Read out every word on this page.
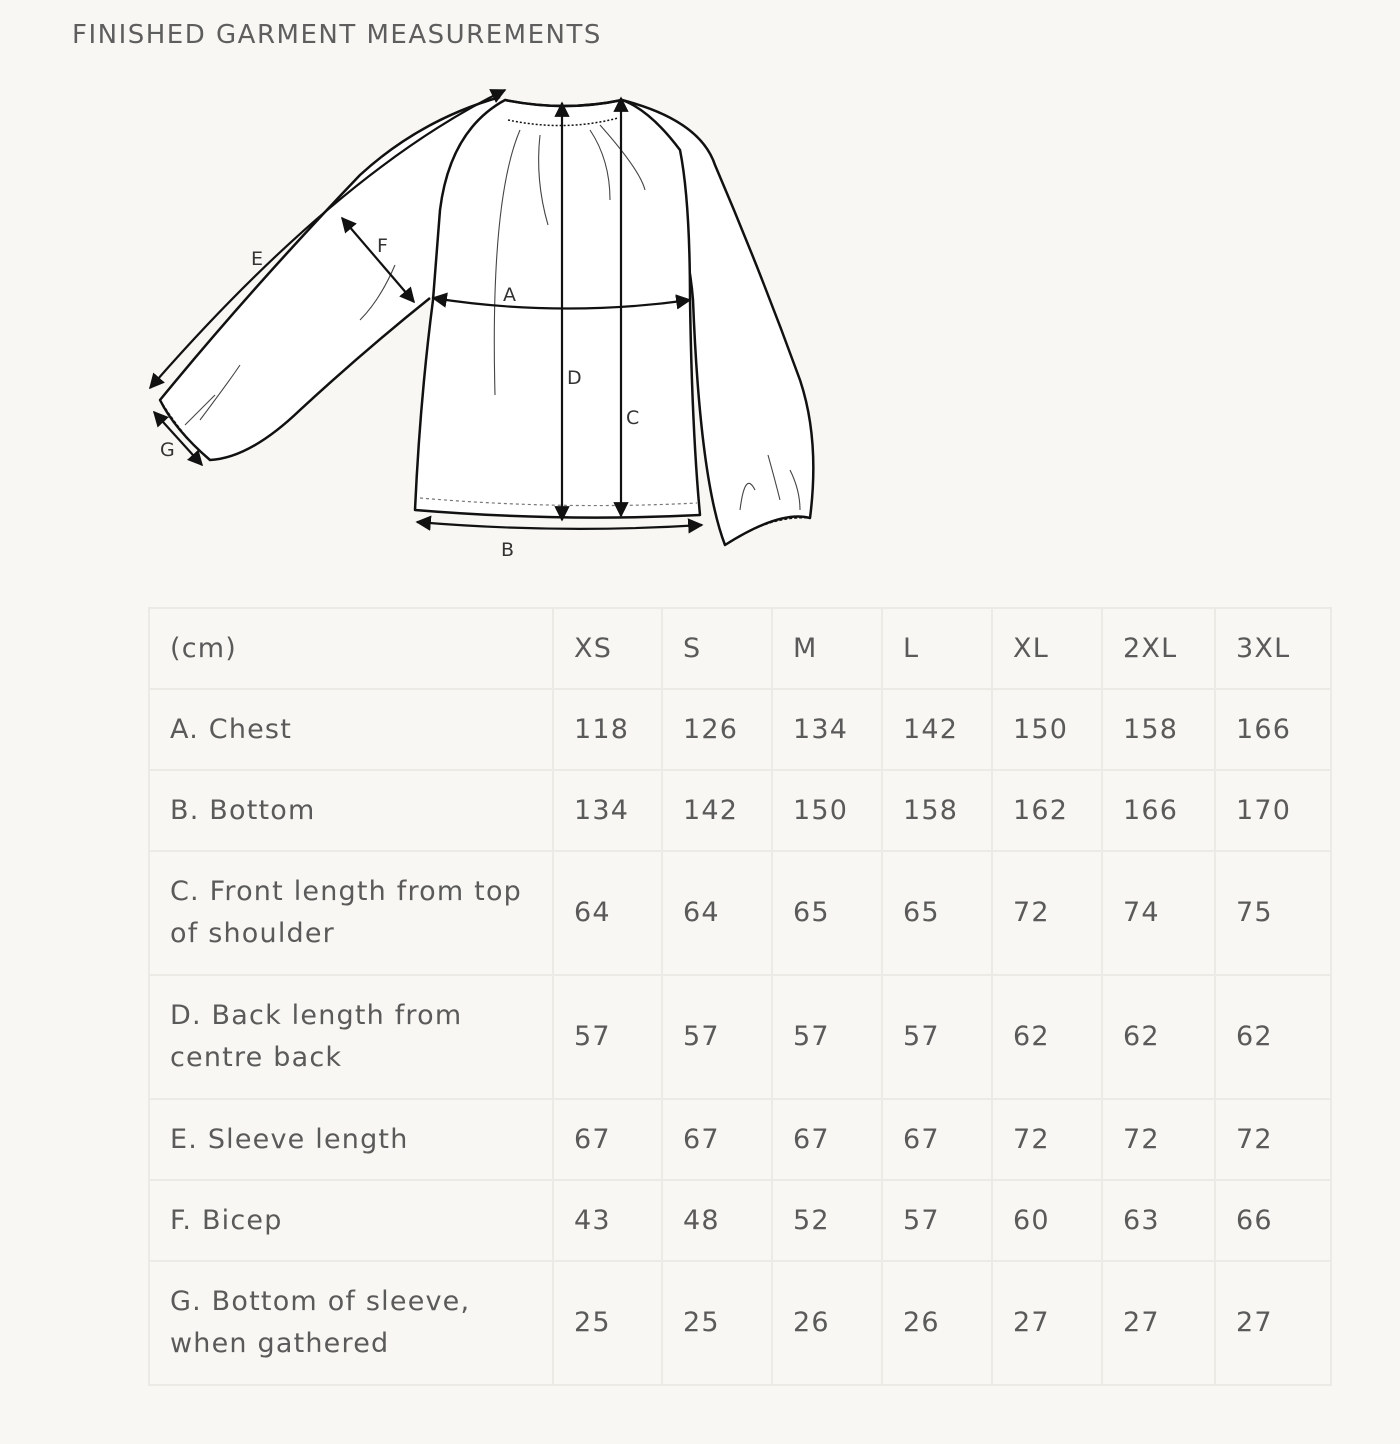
FINISHED GARMENT MEASUREMENTS
A
B
C
D
E
F
G
(cm)	XS	S	M	L	XL	2XL	3XL
A. Chest	118	126	134	142	150	158	166
B. Bottom	134	142	150	158	162	166	170
C. Front length from top of shoulder	64	64	65	65	72	74	75
D. Back length from centre back	57	57	57	57	62	62	62
E. Sleeve length	67	67	67	67	72	72	72
F. Bicep	43	48	52	57	60	63	66
G. Bottom of sleeve, when gathered	25	25	26	26	27	27	27
